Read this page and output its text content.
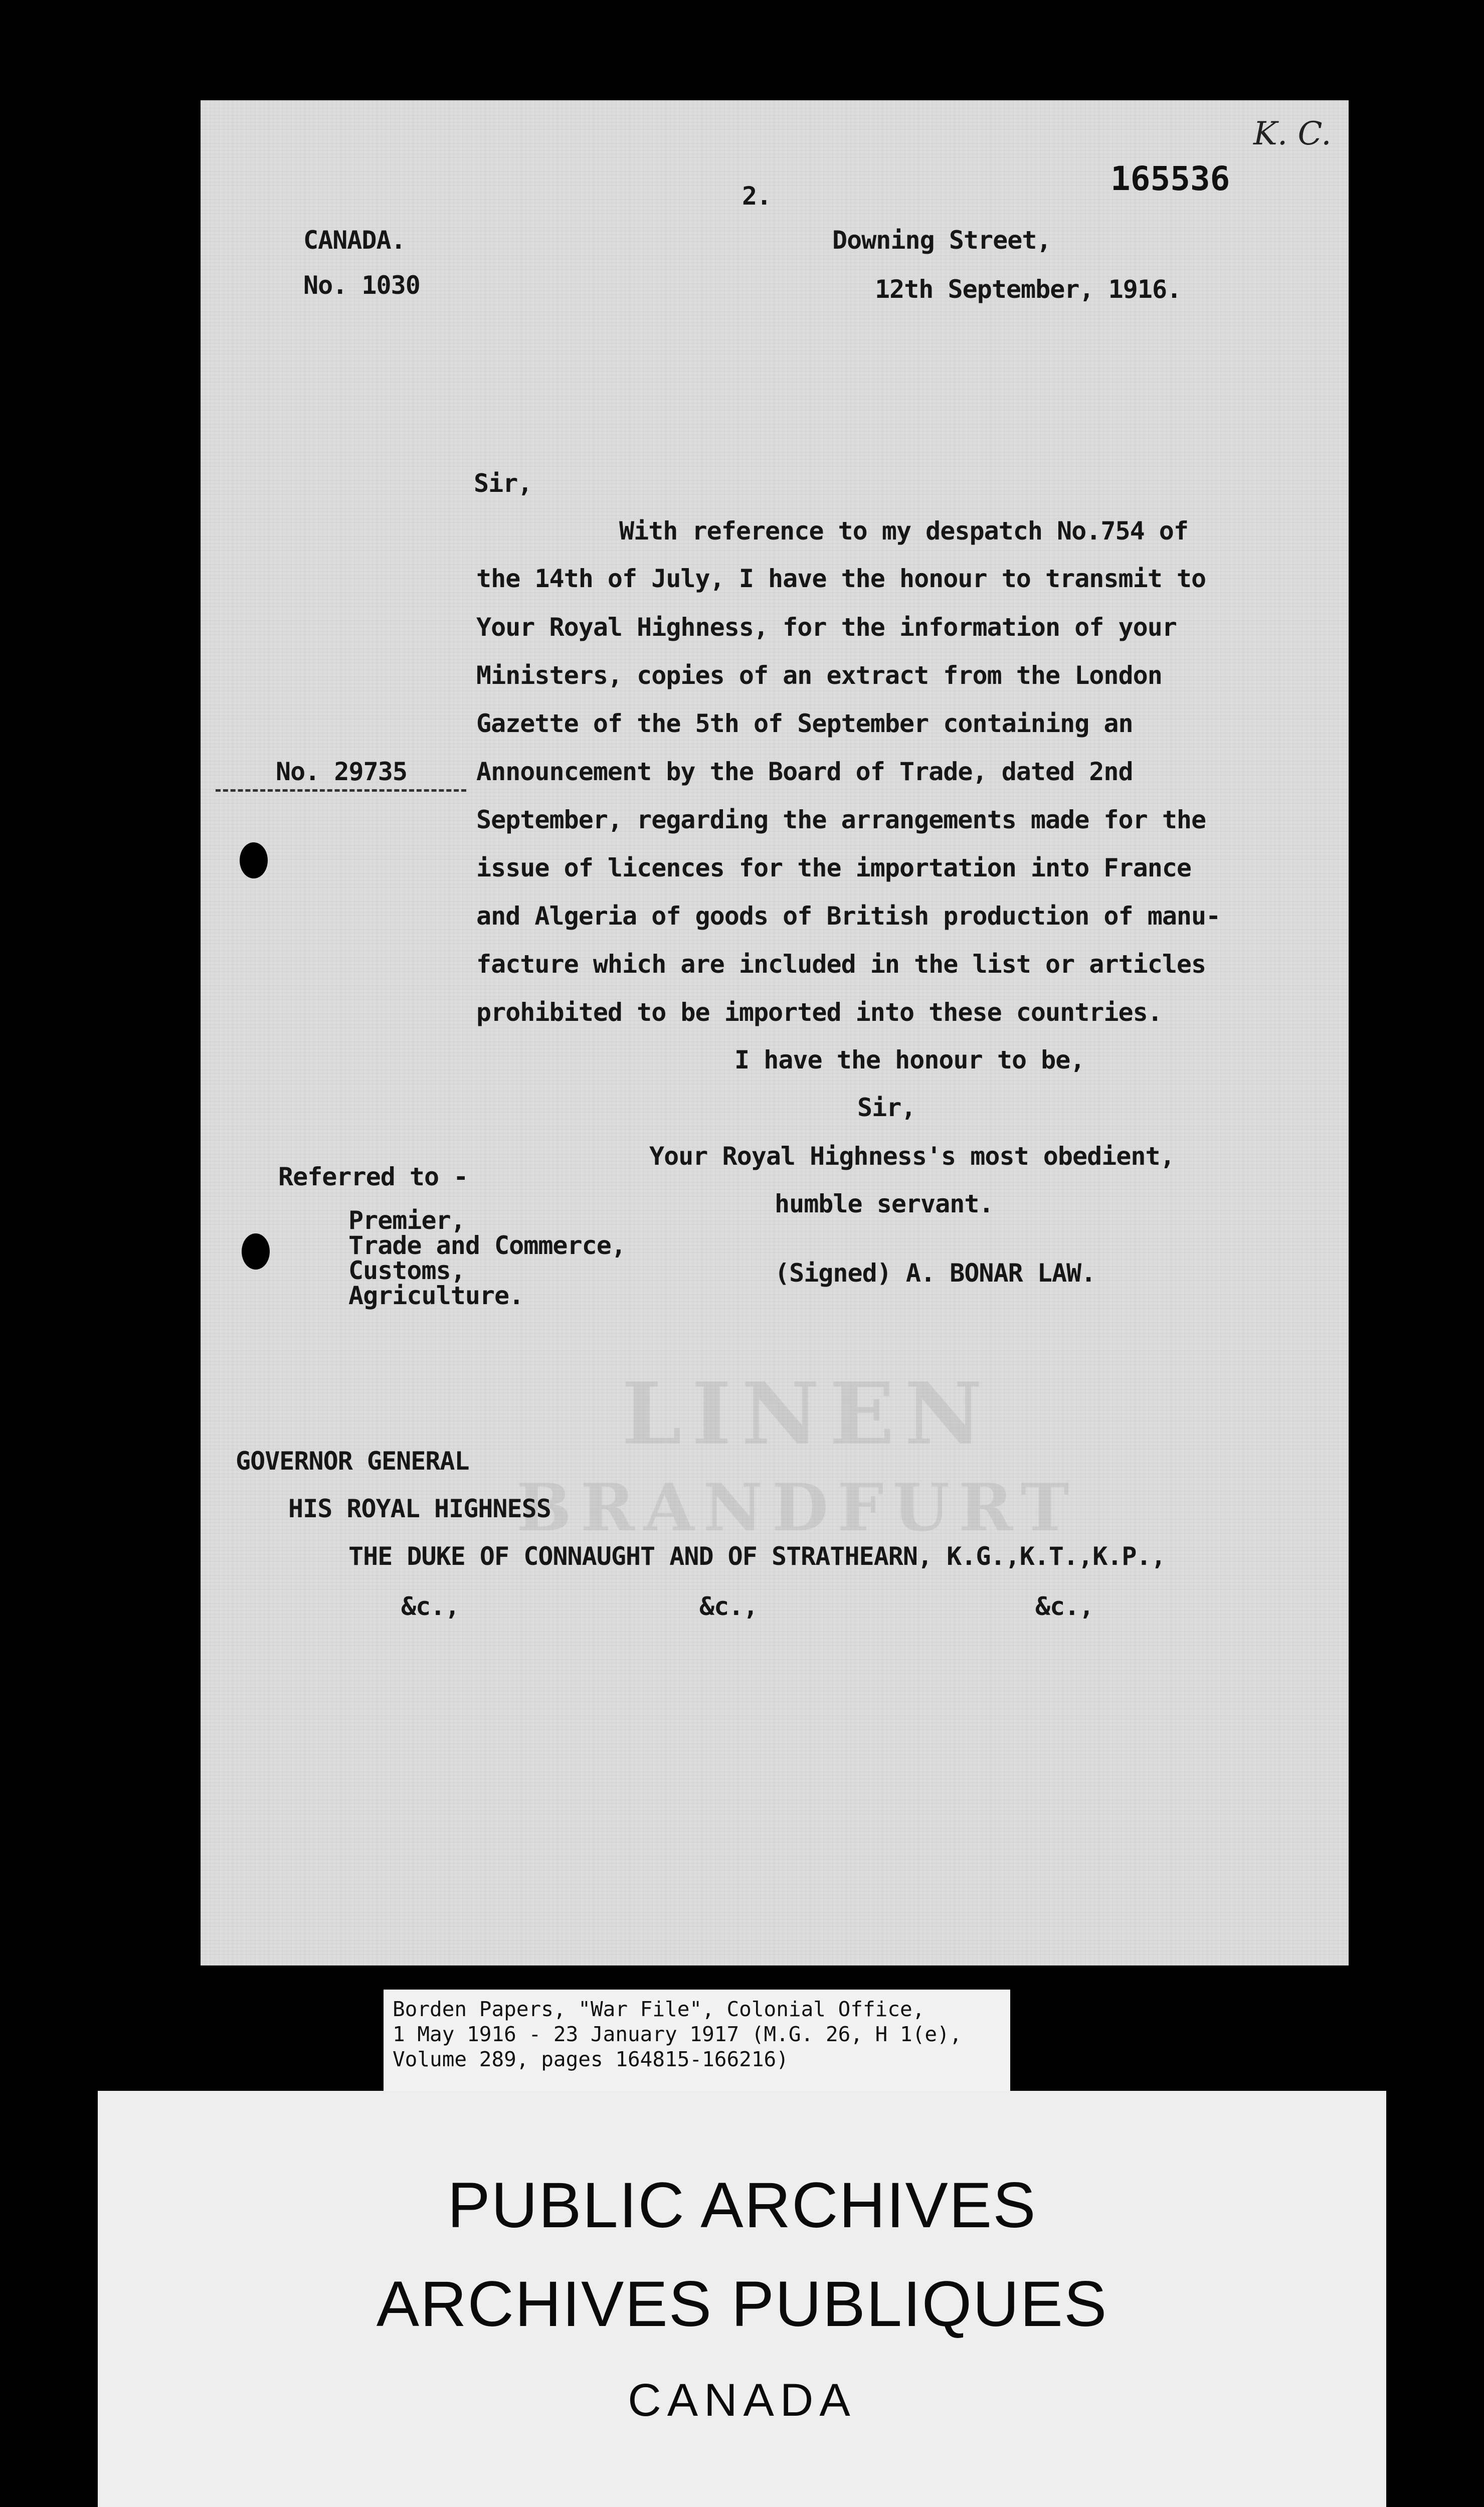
LINEN
BRANDFURT
K. C.
165536
2.
CANADA.	Downing Street,
No. 1030	12th September, 1916.
Sir,
With reference to my despatch No.754 of
the 14th of July, I have the honour to transmit to
Your Royal Highness, for the information of your
Ministers, copies of an extract from the London
Gazette of the 5th of September containing an
No. 29735	Announcement by the Board of Trade, dated 2nd
September, regarding the arrangements made for the
issue of licences for the importation into France
and Algeria of goods of British production of manu-
facture which are included in the list or articles
prohibited to be imported into these countries.
I have the honour to be,
Sir,
Your Royal Highness's most obedient,
humble servant.
Referred to -
Premier,
Trade and Commerce,
Customs,
Agriculture.
(Signed) A. BONAR LAW.
GOVERNOR GENERAL
HIS ROYAL HIGHNESS
THE DUKE OF CONNAUGHT AND OF STRATHEARN, K.G.,K.T.,K.P.,
&c.,	&c.,	&c.,
Borden Papers, "War File", Colonial Office,
1 May 1916 - 23 January 1917 (M.G. 26, H 1(e),
Volume 289, pages 164815-166216)
PUBLIC ARCHIVES
ARCHIVES PUBLIQUES
CANADA
